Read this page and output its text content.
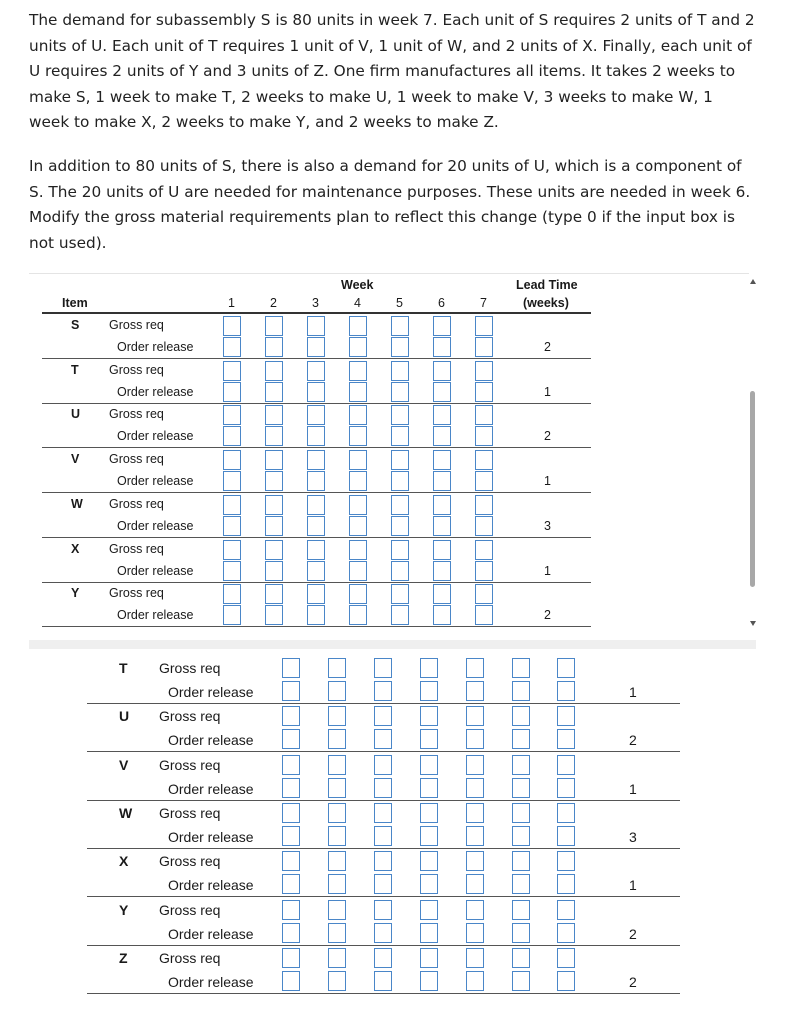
The demand for subassembly S is 80 units in week 7. Each unit of S requires 2 units of T and 2 units of U. Each unit of T requires 1 unit of V, 1 unit of W, and 2 units of X. Finally, each unit of U requires 2 units of Y and 3 units of Z. One firm manufactures all items. It takes 2 weeks to make S, 1 week to make T, 2 weeks to make U, 1 week to make V, 3 weeks to make W, 1 week to make X, 2 weeks to make Y, and 2 weeks to make Z.

In addition to 80 units of S, there is also a demand for 20 units of U, which is a component of S. The 20 units of U are needed for maintenance purposes. These units are needed in week 6. Modify the gross material requirements plan to reflect this change (type 0 if the input box is not used).

Week	Lead Time
(weeks)
Item	1	2	3	4	5	6	7
S Gross req
Order release	2
T Gross req
Order release	1
U Gross req
Order release	2
V Gross req
Order release	1
W Gross req
Order release	3
X Gross req
Order release	1
Y Gross req
Order release	2
T Gross req
Order release	1
U Gross req
Order release	2
V Gross req
Order release	1
W Gross req
Order release	3
X Gross req
Order release	1
Y Gross req
Order release	2
Z Gross req
Order release	2
